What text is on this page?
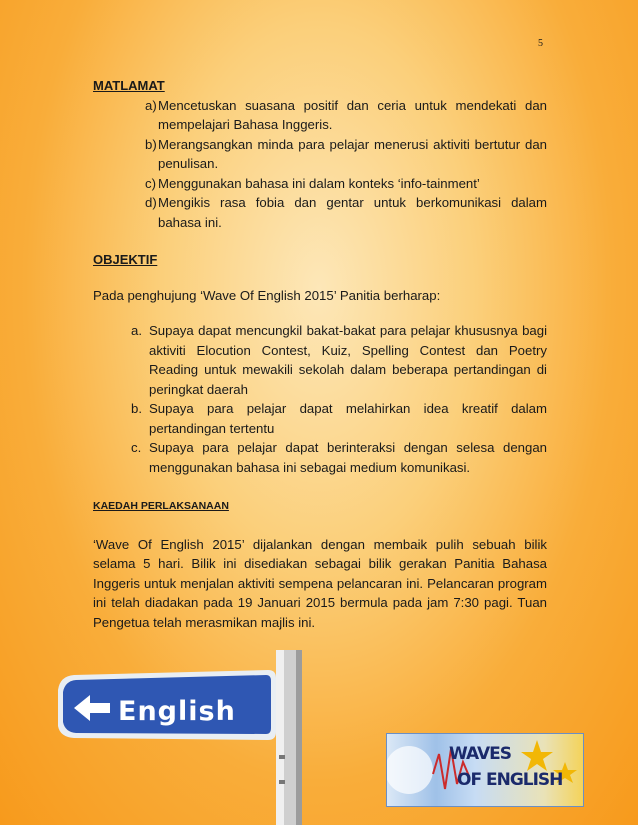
5
MATLAMAT
a) Mencetuskan suasana positif dan ceria untuk mendekati dan mempelajari Bahasa Inggeris.
b) Merangsangkan minda para pelajar menerusi aktiviti bertutur dan penulisan.
c) Menggunakan bahasa ini dalam konteks ‘info-tainment’
d) Mengikis rasa fobia dan gentar untuk berkomunikasi dalam bahasa ini.
OBJEKTIF

Pada penghujung ‘Wave Of English 2015’ Panitia berharap:

a. Supaya dapat mencungkil bakat-bakat para pelajar khususnya bagi aktiviti Elocution Contest, Kuiz, Spelling Contest dan Poetry Reading untuk mewakili sekolah dalam beberapa pertandingan di peringkat daerah
b. Supaya para pelajar dapat melahirkan idea kreatif dalam pertandingan tertentu
c. Supaya para pelajar dapat berinteraksi dengan selesa dengan menggunakan bahasa ini sebagai medium komunikasi.
KAEDAH PERLAKSANAAN

‘Wave Of English 2015’ dijalankan dengan membaik pulih sebuah bilik selama 5 hari. Bilik ini disediakan sebagai bilik gerakan Panitia Bahasa Inggeris untuk menjalan aktiviti sempena pelancaran ini. Pelancaran program ini telah diadakan pada 19 Januari 2015 bermula pada jam 7:30 pagi. Tuan Pengetua telah merasmikan majlis ini.

English
WAVES
OF ENGLISH
